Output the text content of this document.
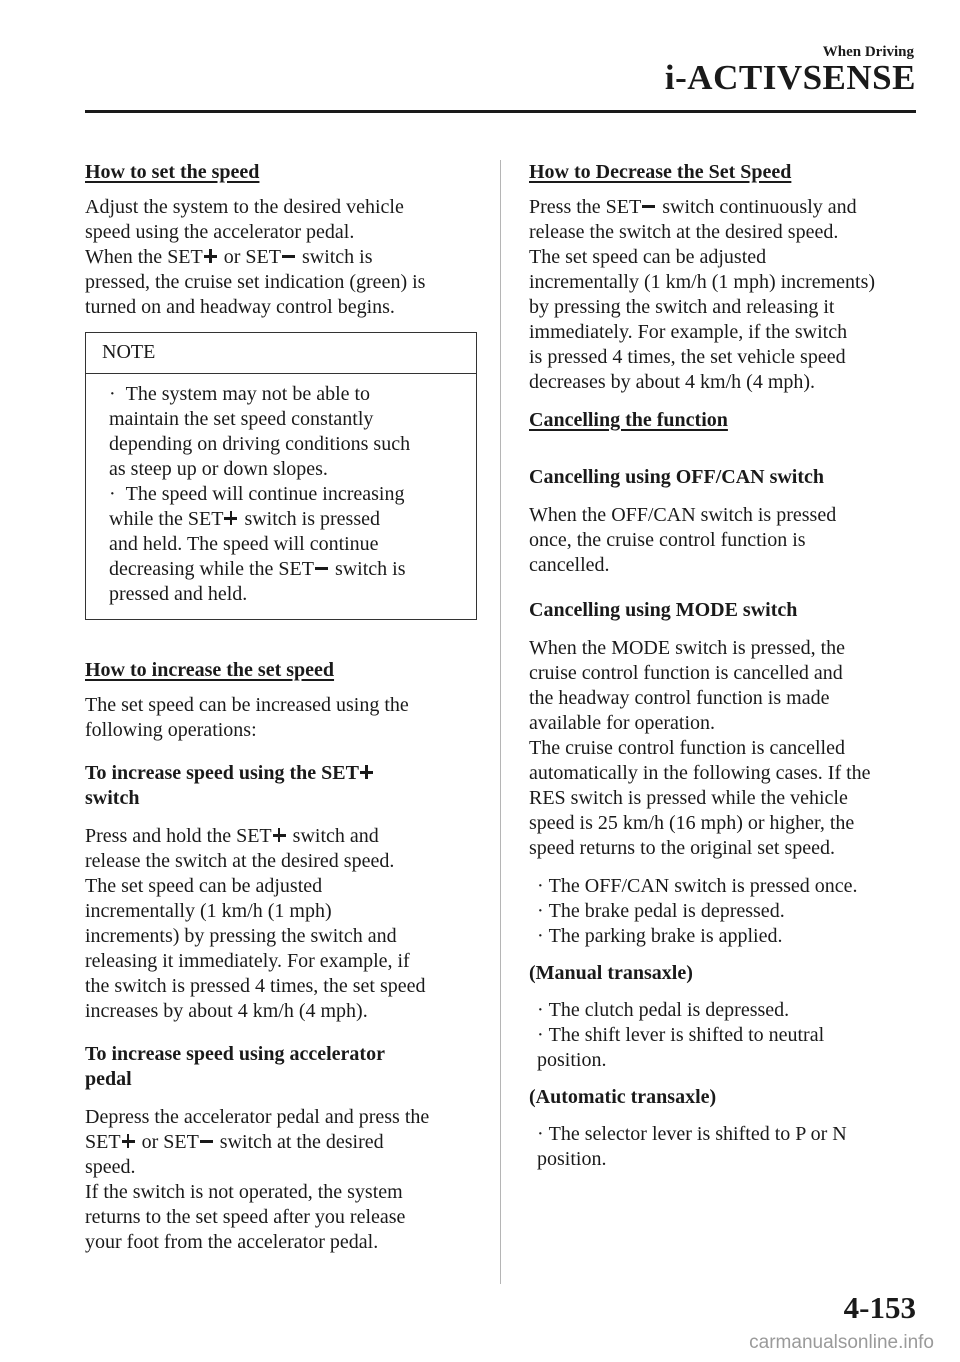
When Driving
i-ACTIVSENSE
How to set the speed

Adjust the system to the desired vehicle

speed using the accelerator pedal.

When the SET or SET switch is

pressed, the cruise set indication (green) is

turned on and headway control begins.

NOTE

·  The system may not be able to

maintain the set speed constantly

depending on driving conditions such

as steep up or down slopes.

·  The speed will continue increasing

while the SET switch is pressed

and held. The speed will continue

decreasing while the SET switch is

pressed and held.

How to increase the set speed

The set speed can be increased using the

following operations:

To increase speed using the SET
switch

Press and hold the SET switch and

release the switch at the desired speed.

The set speed can be adjusted

incrementally (1 km/h (1 mph)

increments) by pressing the switch and

releasing it immediately. For example, if

the switch is pressed 4 times, the set speed

increases by about 4 km/h (4 mph).

To increase speed using accelerator
pedal

Depress the accelerator pedal and press the

SET or SET switch at the desired

speed.

If the switch is not operated, the system

returns to the set speed after you release

your foot from the accelerator pedal.

How to Decrease the Set Speed

Press the SET switch continuously and

release the switch at the desired speed.

The set speed can be adjusted

incrementally (1 km/h (1 mph) increments)

by pressing the switch and releasing it

immediately. For example, if the switch

is pressed 4 times, the set vehicle speed

decreases by about 4 km/h (4 mph).

Cancelling the function
Cancelling using OFF/CAN switch

When the OFF/CAN switch is pressed

once, the cruise control function is

cancelled.

Cancelling using MODE switch

When the MODE switch is pressed, the

cruise control function is cancelled and

the headway control function is made

available for operation.

The cruise control function is cancelled

automatically in the following cases. If the

RES switch is pressed while the vehicle

speed is 25 km/h (16 mph) or higher, the

speed returns to the original set speed.

· The OFF/CAN switch is pressed once.

· The brake pedal is depressed.

· The parking brake is applied.

(Manual transaxle)

· The clutch pedal is depressed.

· The shift lever is shifted to neutral

position.

(Automatic transaxle)

· The selector lever is shifted to P or N

position.

4-153
carmanualsonline.info
